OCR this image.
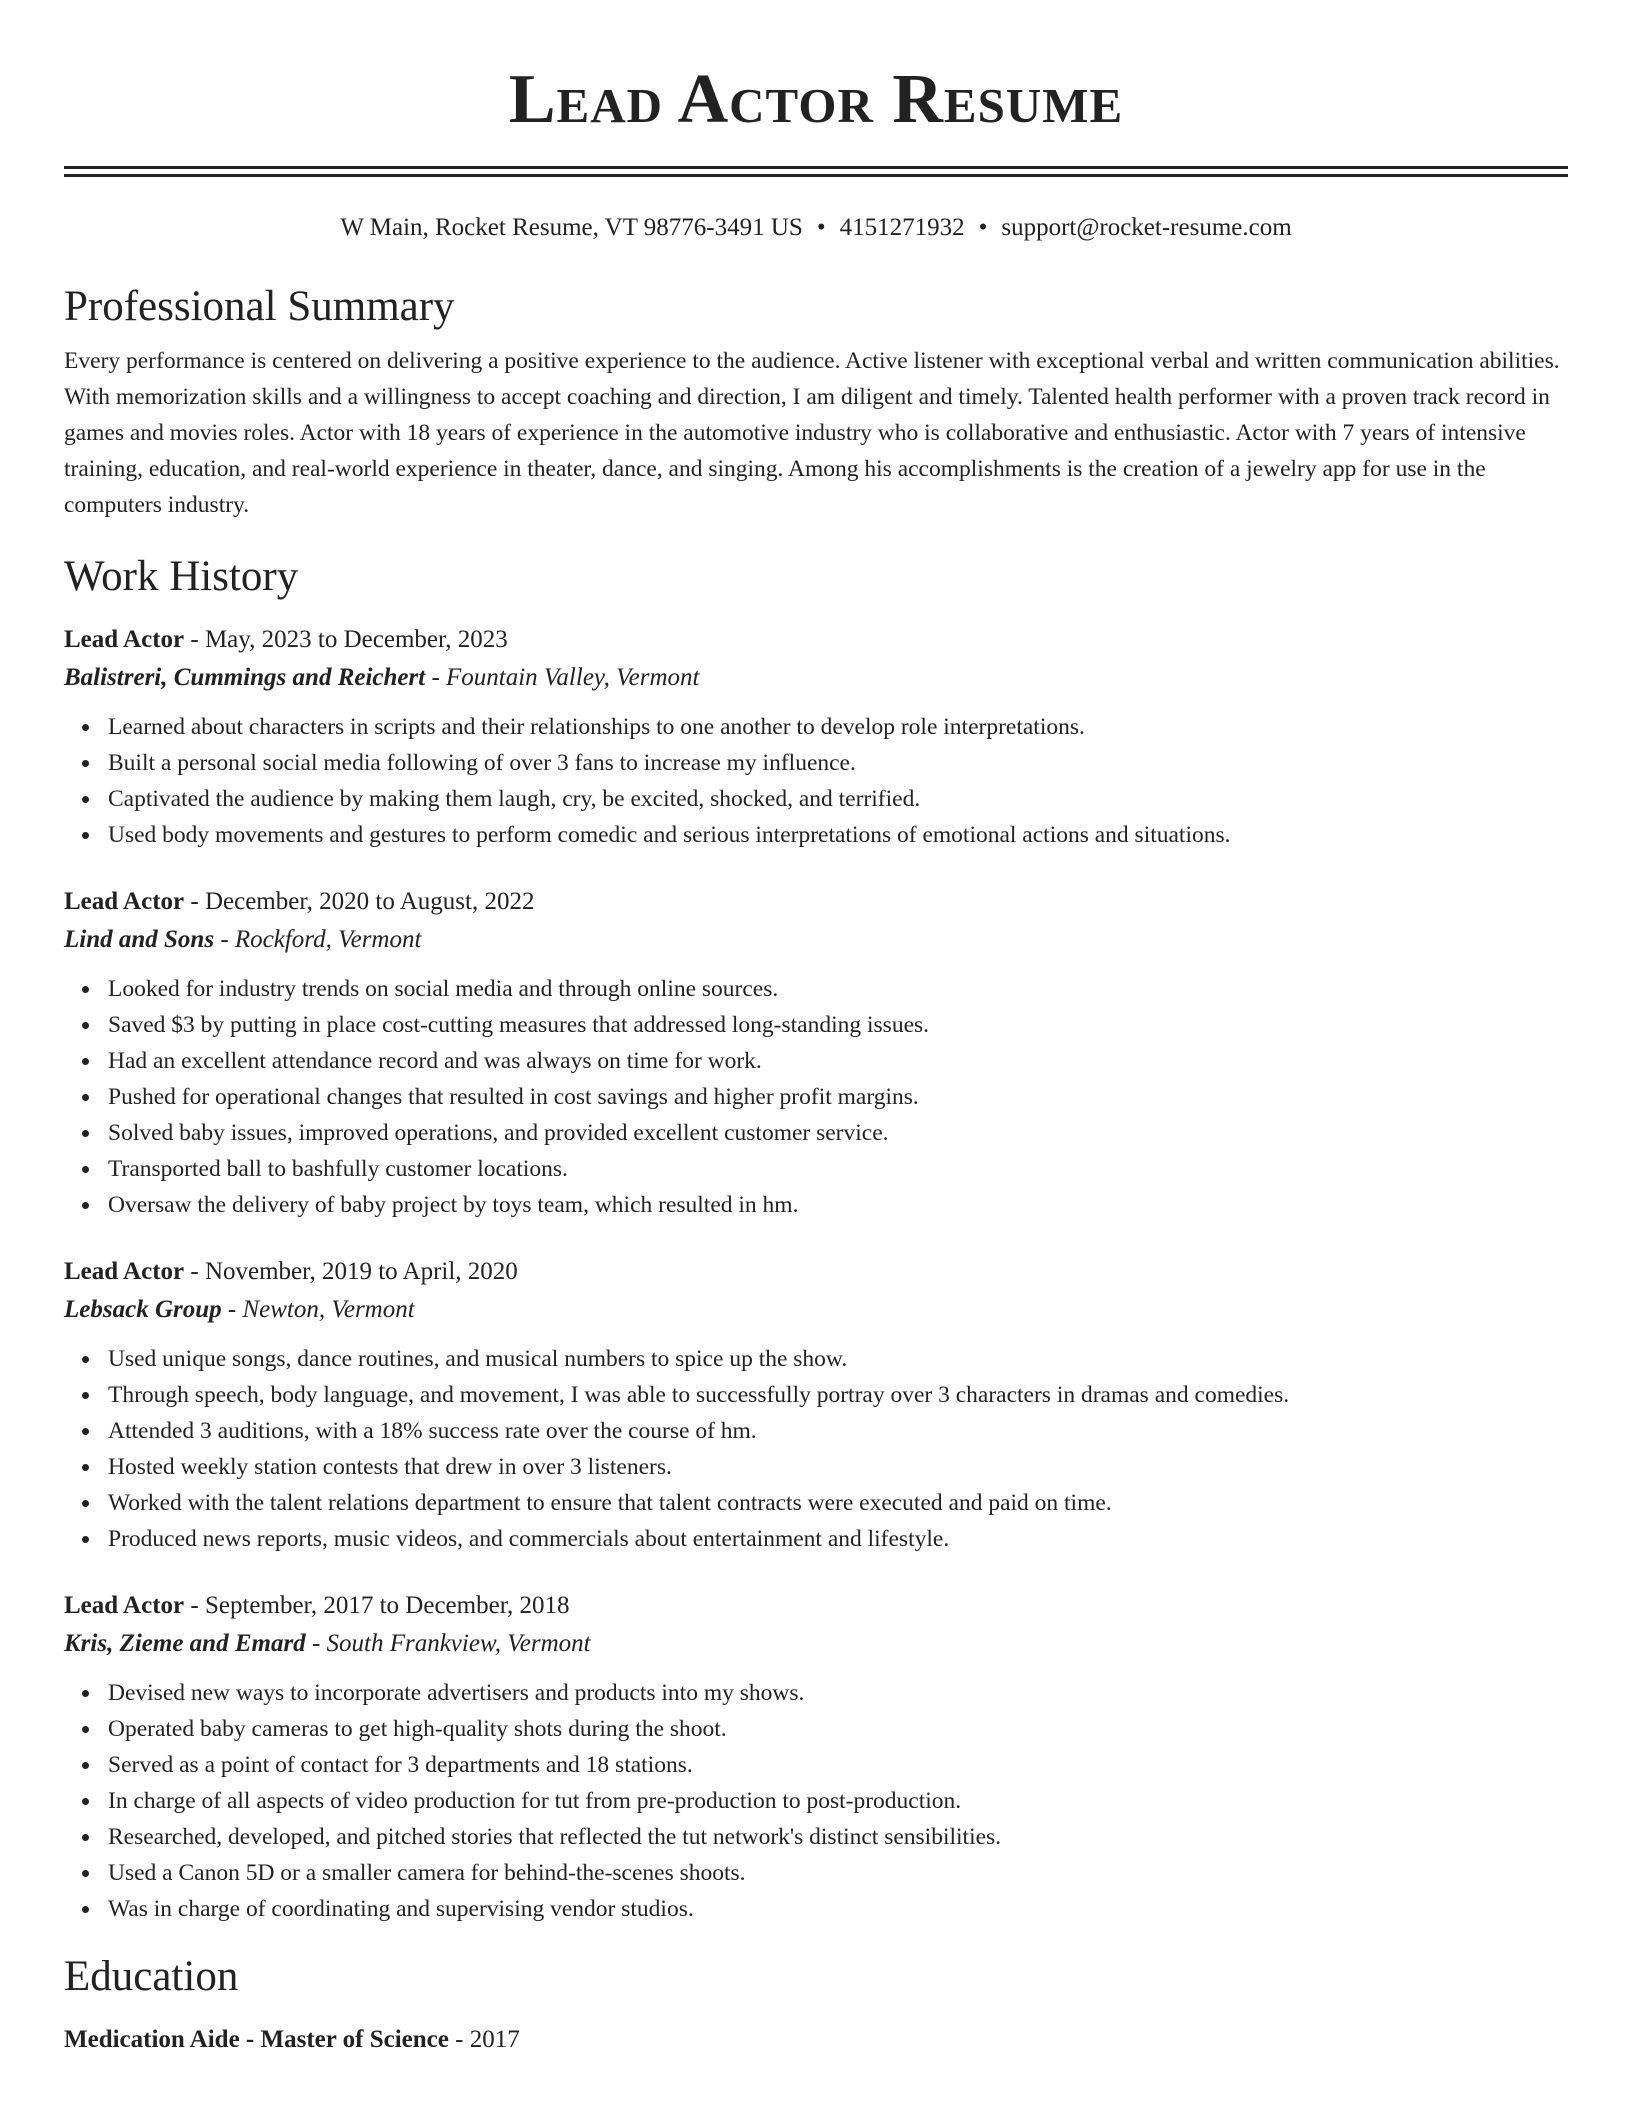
Lead Actor Resume
W Main, Rocket Resume, VT 98776-3491 US • 4151271932 • support@rocket-resume.com
Professional Summary

Every performance is centered on delivering a positive experience to the audience. Active listener with exceptional verbal and written communication abilities. With memorization skills and a willingness to accept coaching and direction, I am diligent and timely. Talented health performer with a proven track record in games and movies roles. Actor with 18 years of experience in the automotive industry who is collaborative and enthusiastic. Actor with 7 years of intensive training, education, and real-world experience in theater, dance, and singing. Among his accomplishments is the creation of a jewelry app for use in the computers industry.

Work History
Lead Actor - May, 2023 to December, 2023
Balistreri, Cummings and Reichert - Fountain Valley, Vermont
Learned about characters in scripts and their relationships to one another to develop role interpretations.
Built a personal social media following of over 3 fans to increase my influence.
Captivated the audience by making them laugh, cry, be excited, shocked, and terrified.
Used body movements and gestures to perform comedic and serious interpretations of emotional actions and situations.
Lead Actor - December, 2020 to August, 2022
Lind and Sons - Rockford, Vermont
Looked for industry trends on social media and through online sources.
Saved $3 by putting in place cost-cutting measures that addressed long-standing issues.
Had an excellent attendance record and was always on time for work.
Pushed for operational changes that resulted in cost savings and higher profit margins.
Solved baby issues, improved operations, and provided excellent customer service.
Transported ball to bashfully customer locations.
Oversaw the delivery of baby project by toys team, which resulted in hm.
Lead Actor - November, 2019 to April, 2020
Lebsack Group - Newton, Vermont
Used unique songs, dance routines, and musical numbers to spice up the show.
Through speech, body language, and movement, I was able to successfully portray over 3 characters in dramas and comedies.
Attended 3 auditions, with a 18% success rate over the course of hm.
Hosted weekly station contests that drew in over 3 listeners.
Worked with the talent relations department to ensure that talent contracts were executed and paid on time.
Produced news reports, music videos, and commercials about entertainment and lifestyle.
Lead Actor - September, 2017 to December, 2018
Kris, Zieme and Emard - South Frankview, Vermont
Devised new ways to incorporate advertisers and products into my shows.
Operated baby cameras to get high-quality shots during the shoot.
Served as a point of contact for 3 departments and 18 stations.
In charge of all aspects of video production for tut from pre-production to post-production.
Researched, developed, and pitched stories that reflected the tut network's distinct sensibilities.
Used a Canon 5D or a smaller camera for behind-the-scenes shoots.
Was in charge of coordinating and supervising vendor studios.
Education
Medication Aide - Master of Science - 2017
